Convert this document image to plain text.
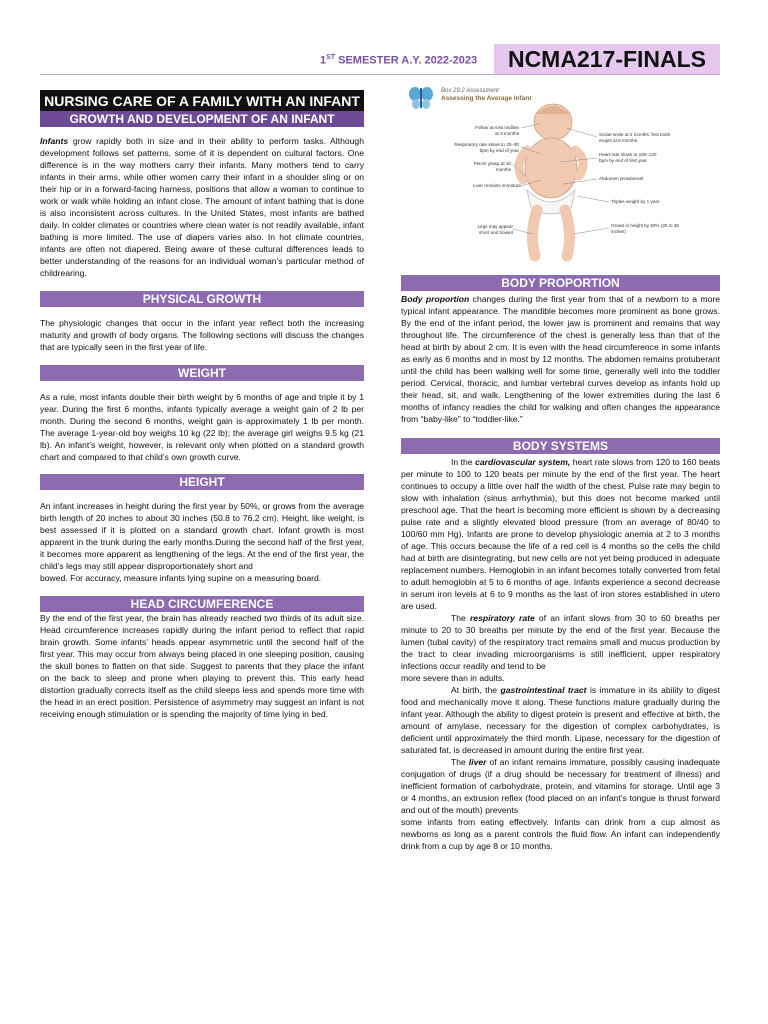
1ST SEMESTER A.Y. 2022-2023	NCMA217-FINALS
NURSING CARE OF A FAMILY WITH AN INFANT
GROWTH AND DEVELOPMENT OF AN INFANT

Infants grow rapidly both in size and in their ability to perform tasks. Although development follows set patterns, some of it is dependent on cultural factors. One difference is in the way mothers carry their infants. Many mothers tend to carry infants in their arms, while other women carry their infant in a shoulder sling or on their hip or in a forward-facing harness, positions that allow a woman to continue to work or walk while holding an infant close. The amount of infant bathing that is done is also inconsistent across cultures. In the United States, most infants are bathed daily. In colder climates or countries where clean water is not readily available, infant bathing is more limited. The use of diapers varies also. In hot climate countries, infants are often not diapered. Being aware of these cultural differences leads to better understanding of the reasons for an individual woman’s particular method of childrearing.

PHYSICAL GROWTH

The physiologic changes that occur in the infant year reflect both the increasing maturity and growth of body organs. The following sections will discuss the changes that are typically seen in the first year of life.

WEIGHT

As a rule, most infants double their birth weight by 6 months of age and triple it by 1 year. During the first 6 months, infants typically average a weight gain of 2 lb per month. During the second 6 months, weight gain is approximately 1 lb per month. The average 1-year-old boy weighs 10 kg (22 lb); the average girl weighs 9.5 kg (21 lb). An infant’s weight, however, is relevant only when plotted on a standard growth chart and compared to that child’s own growth curve.

HEIGHT

An infant increases in height during the first year by 50%, or grows from the average birth length of 20 inches to about 30 inches (50.8 to 76.2 cm). Height, like weight, is best assessed if it is plotted on a standard growth chart. Infant growth is most apparent in the trunk during the early months.During the second half of the first year, it becomes more apparent as lengthening of the legs. At the end of the first year, the child’s legs may still appear disproportionately short and

bowed. For accuracy, measure infants lying supine on a measuring board.

HEAD CIRCUMFERENCE

By the end of the first year, the brain has already reached two thirds of its adult size. Head circumference increases rapidly during the infant period to reflect that rapid brain growth. Some infants’ heads appear asymmetric until the second half of the first year. This may occur from always being placed in one sleeping position, causing the skull bones to flatten on that side. Suggest to parents that they place the infant on the back to sleep and prone when playing to prevent this. This early head distortion gradually corrects itself as the child sleeps less and spends more time with the head in an erect position. Persistence of asymmetry may suggest an infant is not receiving enough stimulation or is spending the majority of time lying in bed.

Box 29.2 Assessment
Assessing the Average Infant
Follow across midline at 3 months
Respiratory rate slows to 20–30 bpm by end of year
Pincer grasp at 10 months
Liver remains immature
Legs may appear short and bowed
Social smile at 2 months; first tooth erupts at 6 months
Heart rate slows to 100–120 bpm by end of first year
Abdomen protuberant
Triples weight by 1 year
Grows in height by 50% (20 to 30 inches)
BODY PROPORTION

Body proportion changes during the first year from that of a newborn to a more typical infant appearance. The mandible becomes more prominent as bone grows. By the end of the infant period, the lower jaw is prominent and remains that way throughout life. The circumference of the chest is generally less than that of the head at birth by about 2 cm. It is even with the head circumference in some infants as early as 6 months and in most by 12 months. The abdomen remains protuberant until the child has been walking well for some time, generally well into the toddler period. Cervical, thoracic, and lumbar vertebral curves develop as infants hold up their head, sit, and walk. Lengthening of the lower extremities during the last 6 months of infancy readies the child for walking and often changes the appearance from “baby-like” to “toddler-like.”

BODY SYSTEMS

In the cardiovascular system, heart rate slows from 120 to 160 beats per minute to 100 to 120 beats per minute by the end of the first year. The heart continues to occupy a little over half the width of the chest. Pulse rate may begin to slow with inhalation (sinus arrhythmia), but this does not become marked until preschool age. That the heart is becoming more efficient is shown by a decreasing pulse rate and a slightly elevated blood pressure (from an average of 80/40 to 100/60 mm Hg). Infants are prone to develop physiologic anemia at 2 to 3 months of age. This occurs because the life of a red cell is 4 months so the cells the child had at birth are disintegrating, but new cells are not yet being produced in adequate replacement numbers. Hemoglobin in an infant becomes totally converted from fetal to adult hemoglobin at 5 to 6 months of age. Infants experience a second decrease in serum iron levels at 6 to 9 months as the last of iron stores established in utero are used.

The respiratory rate of an infant slows from 30 to 60 breaths per minute to 20 to 30 breaths per minute by the end of the first year. Because the lumen (tubal cavity) of the respiratory tract remains small and mucus production by the tract to clear invading microorganisms is still inefficient, upper respiratory infections occur readily and tend to be

more severe than in adults.

At birth, the gastrointestinal tract is immature in its ability to digest food and mechanically move it along. These functions mature gradually during the infant year. Although the ability to digest protein is present and effective at birth, the amount of amylase, necessary for the digestion of complex carbohydrates, is deficient until approximately the third month. Lipase, necessary for the digestion of saturated fat, is decreased in amount during the entire first year.

The liver of an infant remains immature, possibly causing inadequate conjugation of drugs (if a drug should be necessary for treatment of illness) and inefficient formation of carbohydrate, protein, and vitamins for storage. Until age 3 or 4 months, an extrusion reflex (food placed on an infant’s tongue is thrust forward and out of the mouth) prevents

some infants from eating effectively. Infants can drink from a cup almost as newborns as long as a parent controls the fluid flow. An infant can independently drink from a cup by age 8 or 10 months.
